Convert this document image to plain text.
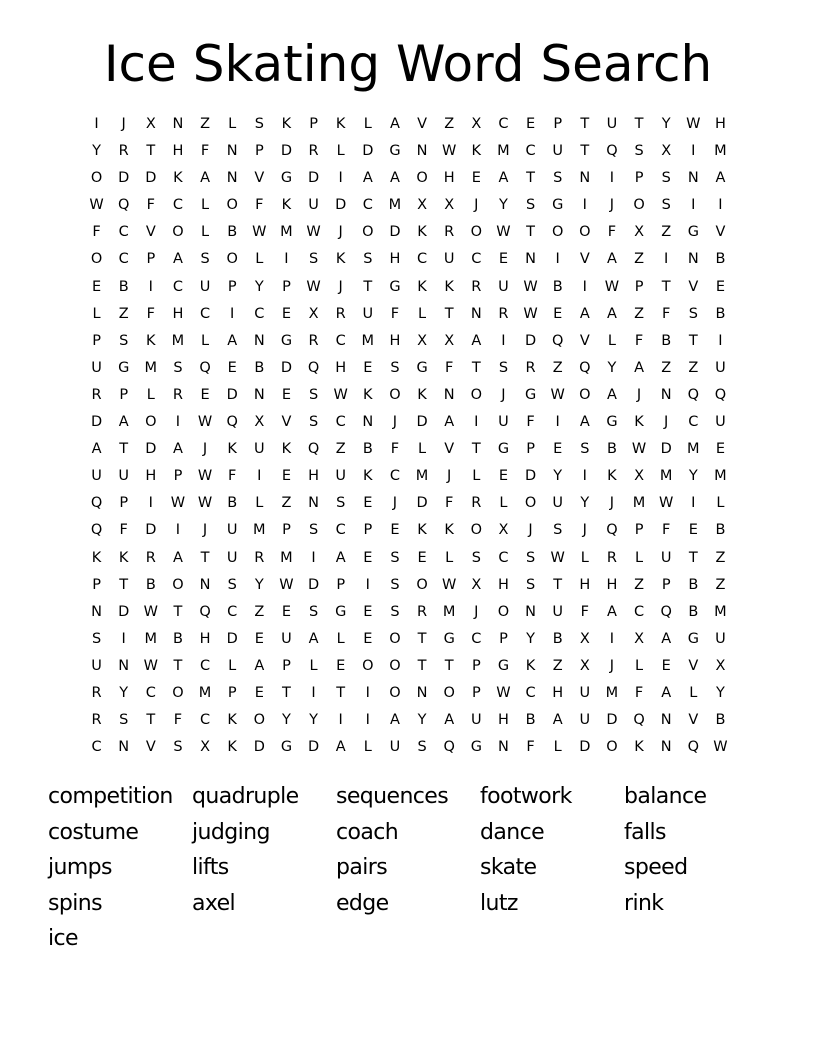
Ice Skating Word Search
I	J	X	N	Z	L	S	K	P	K	L	A	V	Z	X	C	E	P	T	U	T	Y	W	H
Y	R	T	H	F	N	P	D	R	L	D	G	N	W	K	M	C	U	T	Q	S	X	I	M
O	D	D	K	A	N	V	G	D	I	A	A	O	H	E	A	T	S	N	I	P	S	N	A
W Q	F	C	L	O	F	K	U	D	C	M	X	X	J	Y	S	G	I	J	O	S	I	I
F	C	V	O	L	B	W M W	J	O	D	K	R	O W	T	O	O	F	X	Z	G	V
O	C	P	A	S	O	L	I	S	K	S	H	C	U	C	E	N	I	V	A	Z	I	N	B
E	B	I	C	U	P	Y	P	W	J	T	G	K	K	R	U	W	B	I	W	P	T	V	E
L	Z	F	H	C	I	C	E	X	R	U	F	L	T	N	R	W	E	A	A	Z	F	S	B
P	S	K	M	L	A	N	G	R	C	M	H	X	X	A	I	D	Q	V	L	F	B	T	I
U	G	M	S	Q	E	B	D	Q	H	E	S	G	F	T	S	R	Z	Q	Y	A	Z	Z	U
R	P	L	R	E	D	N	E	S	W	K	O	K	N	O	J	G W O	A	J	N	Q	Q
D	A	O	I	W Q	X	V	S	C	N	J	D	A	I	U	F	I	A	G	K	J	C	U
A	T	D	A	J	K	U	K	Q	Z	B	F	L	V	T	G	P	E	S	B	W D	M	E
U	U	H	P	W	F	I	E	H	U	K	C	M	J	L	E	D	Y	I	K	X	M	Y	M
Q	P	I	W W	B	L	Z	N	S	E	J	D	F	R	L	O	U	Y	J	M W	I	L
Q	F	D	I	J	U	M	P	S	C	P	E	K	K	O	X	J	S	J	Q	P	F	E	B
K	K	R	A	T	U	R	M	I	A	E	S	E	L	S	C	S	W	L	R	L	U	T	Z
P	T	B	O	N	S	Y	W D	P	I	S	O W	X	H	S	T	H	H	Z	P	B	Z
N	D W	T	Q	C	Z	E	S	G	E	S	R	M	J	O	N	U	F	A	C	Q	B	M
S	I	M	B	H	D	E	U	A	L	E	O	T	G	C	P	Y	B	X	I	X	A	G	U
U	N	W	T	C	L	A	P	L	E	O	O	T	T	P	G	K	Z	X	J	L	E	V	X
R	Y	C	O	M	P	E	T	I	T	I	O	N	O	P	W	C	H	U	M	F	A	L	Y
R	S	T	F	C	K	O	Y	Y	I	I	A	Y	A	U	H	B	A	U	D	Q	N	V	B
C	N	V	S	X	K	D	G	D	A	L	U	S	Q	G	N	F	L	D	O	K	N	Q W
competition quadruple	sequences	footwork	balance
costume	judging	coach	dance	falls
jumps	lifts	pairs	skate	speed
spins	axel	edge	lutz	rink
ice
